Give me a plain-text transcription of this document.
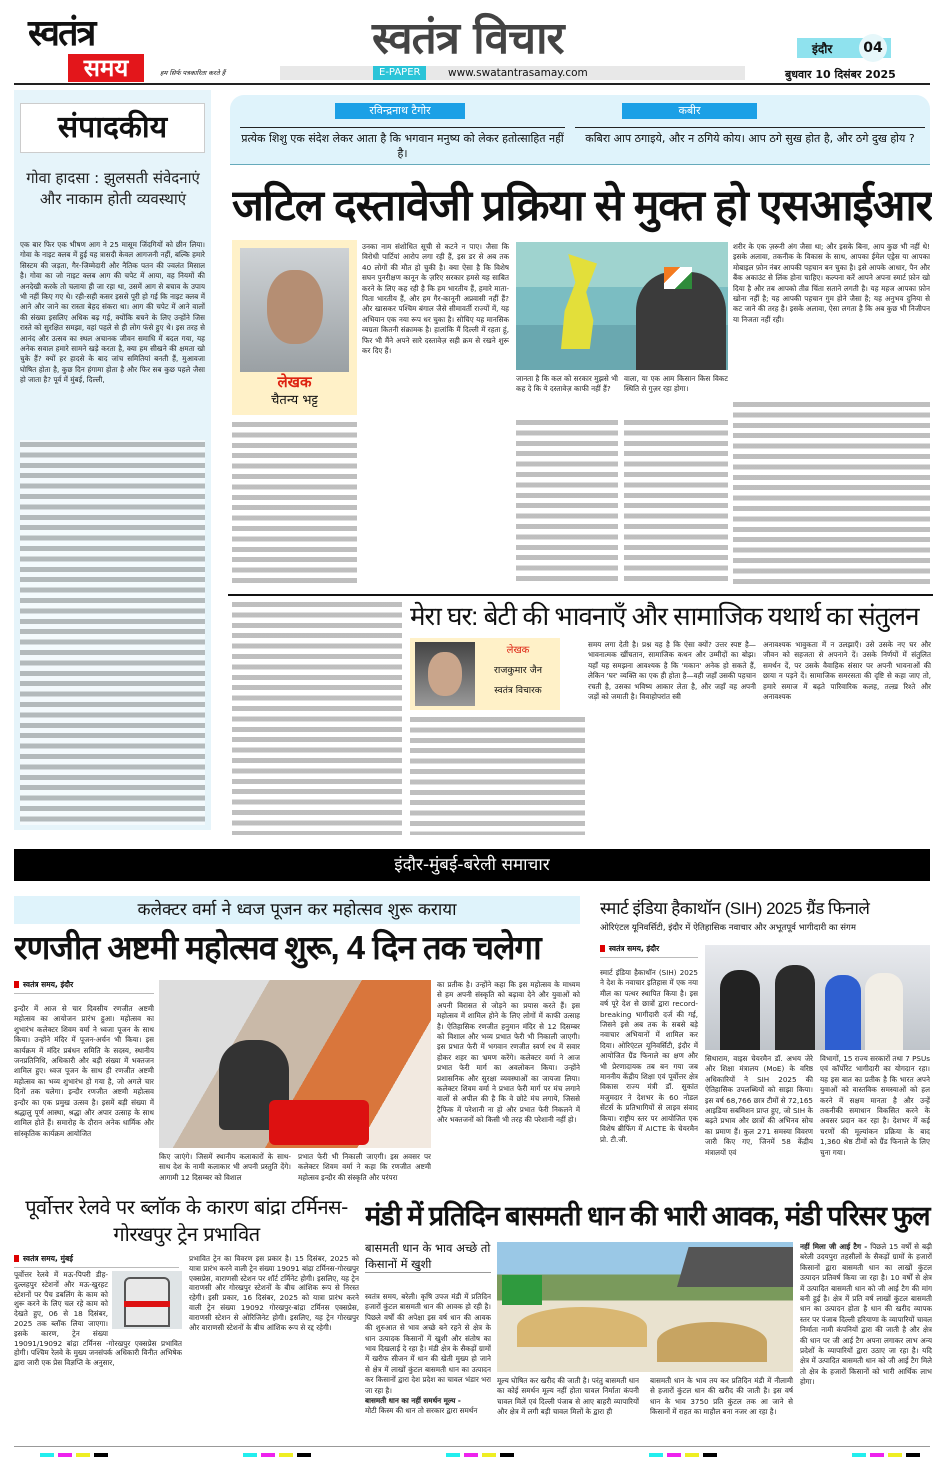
स्वतंत्र
समय	हम सिर्फ पत्रकारिता करते हैं
स्वतंत्र विचार
E-PAPER	www.swatantrasamay.com
इंदौर	04
बुधवार 10 दिसंबर 2025
संपादकीय
गोवा हादसा : झुलसती संवेदनाएं और नाकाम होती व्यवस्थाएं
एक बार फिर एक भीषण आग ने 25 मासूम जिंदगियों को छीन लिया। गोवा के नाइट क्लब में हुई यह त्रासदी केवल आगजनी नहीं, बल्कि हमारे सिस्टम की जड़ता, गैर-जिम्मेदारी और नैतिक पतन की ज्वलंत मिसाल है। गोवा का जो नाइट क्लब आग की चपेट में आया, वह नियमों की अनदेखी करके तो चलाया ही जा रहा था, उसमें आग से बचाव के उपाय भी नहीं किए गए थे। रही-सही कसर इससे पूरी हो गई कि नाइट क्लब में आने और जाने का रास्ता बेहद संकरा था। आग की चपेट में आने वालों की संख्या इसलिए अधिक बढ़ गई, क्योंकि बचने के लिए उन्होंने जिस रास्ते को सुरक्षित समझा, वहां पहले से ही लोग फंसे हुए थे। इस तरह से आनंद और उत्सव का स्थल अचानक जीवन समाधि में बदल गया, यह अनेक सवाल हमारे सामने खड़े करता है, क्या हम सीखने की क्षमता खो चुके हैं? क्यों हर हादसे के बाद जांच समितियां बनती हैं, मुआवजा घोषित होता है, कुछ दिन हंगामा होता है और फिर सब कुछ पहले जैसा हो जाता है? पूर्व में मुंबई, दिल्ली,
रविन्द्रनाथ टैगोर
प्रत्येक शिशु एक संदेश लेकर आता है कि भगवान मनुष्य को लेकर हतोत्साहित नहीं है।
कबीर
कबिरा आप ठगाइये, और न ठगिये कोय। आप ठगे सुख होत है, और ठगे दुख होय ?
जटिल दस्तावेजी प्रक्रिया से मुक्त हो एसआईआर
लेखक
चैतन्य भट्ट
उनका नाम संशोधित सूची से कटने न पाए। जैसा कि विरोधी पार्टियां आरोप लगा रही हैं, इस डर से अब तक 40 लोगों की मौत हो चुकी है। क्या ऐसा है कि विशेष सघन पुनरीक्षण कानून के ज़रिए सरकार हमसे यह साबित करने के लिए कह रही है कि हम भारतीय हैं, हमारे माता-पिता भारतीय हैं, और हम गैर-कानूनी अप्रवासी नहीं हैं? और खासकर पश्चिम बंगाल जैसे सीमावर्ती राज्यों में, यह अभियान एक नया रूप धर चुका है। सोचिए यह मानसिक व्यग्रता कितनी संक्रामक है। हालांकि मैं दिल्ली में रहता हूं, फिर भी मैंने अपने सारे दस्तावेज़ सही क्रम से रखने शुरू कर दिए हैं।
जानता है कि कल को सरकार मुझसे भी कह दे कि ये दस्तावेज़ काफी नहीं हैं?
वाला, या एक आम किसान किस विकट स्थिति से गुज़र रहा होगा।
शरीर के एक ज़रूरी अंग जैसा था; और इसके बिना, आप कुछ भी नहीं थे! इसके अलावा, तकनीक के विकास के साथ, आपका ईमेल एड्रेस या आपका मोबाइल फ़ोन नंबर आपकी पहचान बन चुका है। इसे आपके आधार, पैन और बैंक अकाउंट से लिंक होना चाहिए। कल्पना करें आपने अपना स्मार्ट फ़ोन खो दिया है और तब आपको तीव्र चिंता सताने लगती है। यह महज आपका फ़ोन खोना नहीं है; यह आपकी पहचान गुम होने जैसा है; यह अनुभव दुनिया से कट जाने की तरह है। इसके अलावा, ऐसा लगता है कि अब कुछ भी निजीपन या निजता नहीं रही।
मेरा घर: बेटी की भावनाएँ और सामाजिक यथार्थ का संतुलन
लेखक
राजकुमार जैन
स्वतंत्र विचारक
समय लगा देती है। प्रश्न यह है कि ऐसा क्यों? उत्तर स्पष्ट है—भावनात्मक खींचतान, सामाजिक कथन और उम्मीदों का बोझ। यहाँ यह समझना आवश्यक है कि 'मकान' अनेक हो सकते हैं, लेकिन 'घर' व्यक्ति का एक ही होता है—वही जहाँ उसकी पहचान रचती है, उसका भविष्य आकार लेता है, और जहाँ वह अपनी जड़ों को जमाती है। विवाहोपरांत स्त्री
अनावश्यक भावुकता में न उलझाएँ। उसे उसके नए घर और जीवन को सहजता से अपनाने दें। उसके निर्णयों में संतुलित समर्थन दें, पर उसके वैवाहिक संसार पर अपनी भावनाओं की छाया न पड़ने दें। सामाजिक समरसता की दृष्टि से कहा जाए तो, हमारे समाज में बढ़ते पारिवारिक कलह, तल्ख़ रिश्ते और अनावश्यक
इंदौर-मुंबई-बरेली समाचार
कलेक्टर वर्मा ने ध्वज पूजन कर महोत्सव शुरू कराया
रणजीत अष्टमी महोत्सव शुरू, 4 दिन तक चलेगा
स्वतंत्र समय, इंदौर
इन्दौर में आज से चार दिवसीय रणजीत अष्टमी महोत्सव का आयोजन प्रारंभ हुआ। महोत्सव का शुभारंभ कलेक्टर शिवम वर्मा ने ध्वजा पूजन के साथ किया। उन्होंने मंदिर में पूजन-अर्चन भी किया। इस कार्यक्रम में मंदिर प्रबंधन समिति के सदस्य, स्थानीय जनप्रतिनिधि, अधिकारी और बड़ी संख्या में भक्तजन शामिल हुए। ध्वज पूजन के साथ ही रणजीत अष्टमी महोत्सव का भव्य शुभारंभ हो गया है, जो अगले चार दिनों तक चलेगा। इन्दौर रणजीत अष्टमी महोत्सव इन्दौर का एक प्रमुख उत्सव है। इसमें बड़ी संख्या में श्रद्धालु पूर्ण आस्था, श्रद्धा और अपार उत्साह के साथ शामिल होते हैं। समारोह के दौरान अनेक धार्मिक और सांस्कृतिक कार्यक्रम आयोजित
किए जाएंगे। जिसमें स्थानीय कलाकारों के साथ-साथ देश के नामी कलाकार भी अपनी प्रस्तुति देंगे। आगामी 12 दिसम्बर को विशाल
प्रभात फेरी भी निकाली जाएगी। इस अवसर पर कलेक्टर शिवम वर्मा ने कहा कि रणजीत अष्टमी महोत्सव इन्दौर की संस्कृति और परंपरा
का प्रतीक है। उन्होंने कहा कि इस महोत्सव के माध्यम से हम अपनी संस्कृति को बढ़ावा देने और युवाओं को अपनी विरासत से जोड़ने का प्रयास करते हैं। इस महोत्सव में शामिल होने के लिए लोगों में काफी उत्साह है। ऐतिहासिक रणजीत हनुमान मंदिर से 12 दिसम्बर को विशाल और भव्य प्रभात फेरी भी निकाली जाएगी। इस प्रभात फेरी में भगवान रणजीत स्वर्ण रथ में सवार होकर शहर का भ्रमण करेंगे। कलेक्टर वर्मा ने आज प्रभात फेरी मार्ग का अवलोकन किया। उन्होंने प्रशासनिक और सुरक्षा व्यवस्थाओं का जायजा लिया। कलेक्टर शिवम वर्मा ने प्रभात फेरी मार्ग पर मंच लगाने वालों से अपील की है कि वे छोटे मंच लगाये, जिससे ट्रैफिक में परेशानी ना हो और प्रभात फेरी निकलने में और भक्तजनों को किसी भी तरह की परेशानी नहीं हो।
स्मार्ट इंडिया हैकाथॉन (SIH) 2025 ग्रैंड फिनाले
ओरिएंटल यूनिवर्सिटी, इंदौर में ऐतिहासिक नवाचार और अभूतपूर्व भागीदारी का संगम
स्वतंत्र समय, इंदौर
स्मार्ट इंडिया हैकाथॉन (SIH) 2025 ने देश के नवाचार इतिहास में एक नया मील का पत्थर स्थापित किया है। इस वर्ष पूरे देश से छात्रों द्वारा record-breaking भागीदारी दर्ज की गई, जिसने इसे अब तक के सबसे बड़े नवाचार अभियानों में शामिल कर दिया। ओरिएंटल यूनिवर्सिटी, इंदौर में आयोजित ग्रैंड फिनाले का क्षण और भी प्रेरणादायक तब बन गया जब माननीय केंद्रीय शिक्षा एवं पूर्वोत्तर क्षेत्र विकास राज्य मंत्री डॉ. सुकांत मजुमदार ने देशभर के 60 नोडल सेंटर्स के प्रतिभागियों से लाइव संवाद किया। राष्ट्रीय स्तर पर आयोजित एक विशेष ब्रीफिंग में AICTE के चेयरमैन प्रो. टी.जी.
सिथाराम, वाइस चेयरमैन डॉ. अभय जेरे और शिक्षा मंत्रालय (MoE) के वरिष्ठ अधिकारियों ने SIH 2025 की ऐतिहासिक उपलब्धियों को साझा किया। इस वर्ष 68,766 छात्र टीमों से 72,165 आइडिया सबमिशन प्राप्त हुए, जो SIH के बढ़ते प्रभाव और छात्रों की अभिनव सोच का प्रमाण हैं। कुल 271 समस्या विवरण जारी किए गए, जिनमें 58 केंद्रीय मंत्रालयों एवं
विभागों, 15 राज्य सरकारों तथा 7 PSUs एवं कॉर्पोरेट भागीदारी का योगदान रहा। यह इस बात का प्रतीक है कि भारत अपने युवाओं को वास्तविक समस्याओं को हल करने में सक्षम मानता है और उन्हें तकनीकी समाधान विकसित करने के अवसर प्रदान कर रहा है। देशभर में कई चरणों की मूल्यांकन प्रक्रिया के बाद 1,360 श्रेष्ठ टीमों को ग्रैंड फिनाले के लिए चुना गया।
पूर्वोत्तर रेलवे पर ब्लॉक के कारण बांद्रा टर्मिनस-गोरखपुर ट्रेन प्रभावित
स्वतंत्र समय, मुंबई
पूर्वोत्तर रेलवे में मऊ-पिपरी डीह-दुल्लहपुर स्टेशनों और मऊ-खुरहट स्टेशनों पर पैच डबलिंग के काम को शुरू करने के लिए चल रहे काम को देखते हुए, 06 से 18 दिसंबर, 2025 तक ब्लॉक लिया जाएगा। इसके कारण, ट्रेन संख्या 19091/19092 बांद्रा टर्मिनस -गोरखपुर एक्सप्रेस प्रभावित होगी। पश्चिम रेलवे के मुख्य जनसंपर्क अधिकारी विनीत अभिषेक द्वारा जारी एक प्रेस विज्ञप्ति के अनुसार,
प्रभावित ट्रेन का विवरण इस प्रकार है। 15 दिसंबर, 2025 को यात्रा प्रारंभ करने वाली ट्रेन संख्या 19091 बांद्रा टर्मिनस-गोरखपुर एक्सप्रेस, वाराणसी स्टेशन पर शॉर्ट टर्मिनेट होगी। इसलिए, यह ट्रेन वाराणसी और गोरखपुर स्टेशनों के बीच आंशिक रूप से निरस्त रहेगी। इसी प्रकार, 16 दिसंबर, 2025 को यात्रा प्रारंभ करने वाली ट्रेन संख्या 19092 गोरखपुर-बांद्रा टर्मिनस एक्सप्रेस, वाराणसी स्टेशन से ओरिजिनेट होगी। इसलिए, यह ट्रेन गोरखपुर और वाराणसी स्टेशनों के बीच आंशिक रूप से रद्द रहेगी।
मंडी में प्रतिदिन बासमती धान की भारी आवक, मंडी परिसर फुल
बासमती धान के भाव अच्छे तो किसानों में खुशी
स्वतंत्र समय, बरेली। कृषि उपज मंडी में प्रतिदिन हजारों कुंटल बासमती धान की आवक हो रही है। पिछले वर्षों की अपेक्षा इस वर्ष धान की आवक की शुरुआत से भाव अच्छे बने रहने से क्षेत्र के धान उत्पादक किसानों में खुशी और संतोष का भाव दिखलाई दे रहा है। मंडी क्षेत्र के सैकड़ों ग्रामों में खरीफ सीजन में धान की खेती मुख्य हो जाने से क्षेत्र में लाखों कुंटल बासमती धान का उत्पादन कर किसानों द्वारा देश प्रदेश का चावल भंडार भरा जा रहा है।
बासमती धान का नहीं समर्थन मूल्य -
मोटी किस्म की धान तो सरकार द्वारा समर्थन
मूल्य घोषित कर खरीद की जाती है। परंतु बासमती धान का कोई समर्थन मूल्य नहीं होता चावल निर्माता कंपनी चावल मिलें एवं दिल्ली पंजाब से आए बाहरी व्यापारियों और क्षेत्र में लगी बड़ी चावल मिलों के द्वारा ही
बासमती धान के भाव तय कर प्रतिदिन मंडी में नीलामी से हजारों कुंटल धान की खरीद की जाती है। इस वर्ष धान के भाव 3750 प्रति कुंटल तक आ जाने से किसानों में राहत का माहौल बना नजर आ रहा है।
नहीं मिला जी आई टैग - पिछले 15 वर्षों से बढ़ी बरेली उदयपुरा तहसीलों के सैकड़ों ग्रामों के हजारों किसानों द्वारा बासमती धान का लाखों कुंटल उत्पादन प्रतिवर्ष किया जा रहा है। 10 वर्षों से क्षेत्र में उत्पादित बासमती धान को जी आई टैग की मांग बनी हुई है। क्षेत्र में प्रति वर्ष लाखों कुंटल बासमती धान का उत्पादन होता है धान की खरीद व्यापक स्तर पर पंजाब दिल्ली हरियाणा के व्यापारियों चावल निर्माता नामी कंपनियों द्वारा की जाती है और क्षेत्र की धान पर जी आई टैग अपना लगाकर लाभ अन्य प्रदेशों के व्यापारियों द्वारा उठाए जा रहा है। यदि क्षेत्र में उत्पादित बासमती धान को जी आई टैग मिले तो क्षेत्र के हजारों किसानों को भारी आर्थिक लाभ होगा।
